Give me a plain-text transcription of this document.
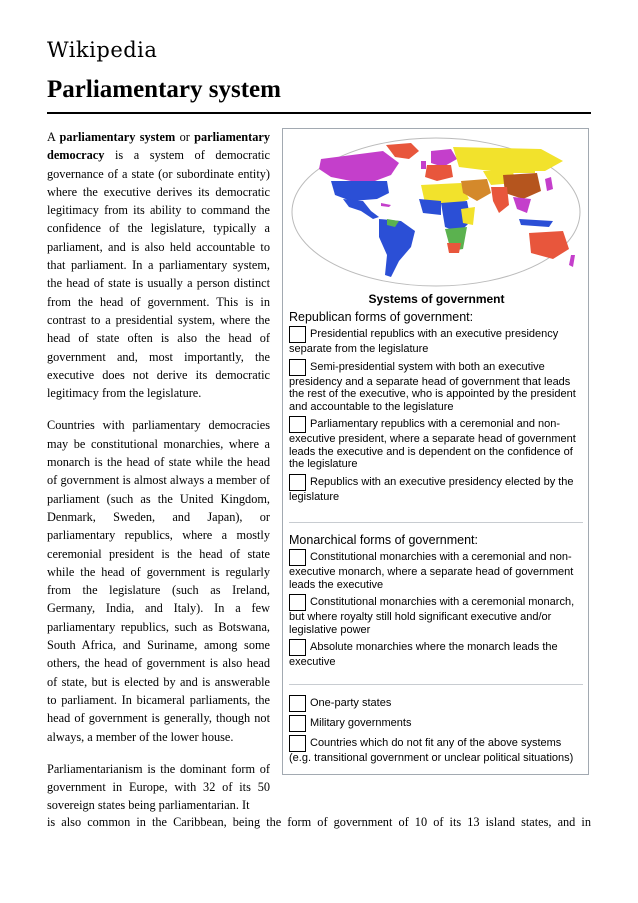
Wikipedia
Parliamentary system

A parliamentary system or parliamentary democracy is a system of democratic governance of a state (or subordinate entity) where the executive derives its democratic legitimacy from its ability to command the confidence of the legislature, typically a parliament, and is also held accountable to that parliament. In a parliamentary system, the head of state is usually a person distinct from the head of government. This is in contrast to a presidential system, where the head of state often is also the head of government and, most importantly, the executive does not derive its democratic legitimacy from the legislature.

Countries with parliamentary democracies may be constitutional monarchies, where a monarch is the head of state while the head of government is almost always a member of parliament (such as the United Kingdom, Denmark, Sweden, and Japan), or parliamentary republics, where a mostly ceremonial president is the head of state while the head of government is regularly from the legislature (such as Ireland, Germany, India, and Italy). In a few parliamentary republics, such as Botswana, South Africa, and Suriname, among some others, the head of government is also head of state, but is elected by and is answerable to parliament. In bicameral parliaments, the head of government is generally, though not always, a member of the lower house.

Parliamentarianism is the dominant form of government in Europe, with 32 of its 50 sovereign states being parliamentarian. It

is also common in the Caribbean, being the form of government of 10 of its 13 island states, and in
Systems of government
Republican forms of government:
Presidential republics with an executive presidency separate from the legislature
Semi-presidential system with both an executive presidency and a separate head of government that leads the rest of the executive, who is appointed by the president and accountable to the legislature
Parliamentary republics with a ceremonial and non-executive president, where a separate head of government leads the executive and is dependent on the confidence of the legislature
Republics with an executive presidency elected by the legislature
Monarchical forms of government:
Constitutional monarchies with a ceremonial and non-executive monarch, where a separate head of government leads the executive
Constitutional monarchies with a ceremonial monarch, but where royalty still hold significant executive and/or legislative power
Absolute monarchies where the monarch leads the executive
One-party states
Military governments
Countries which do not fit any of the above systems (e.g. transitional government or unclear political situations)
